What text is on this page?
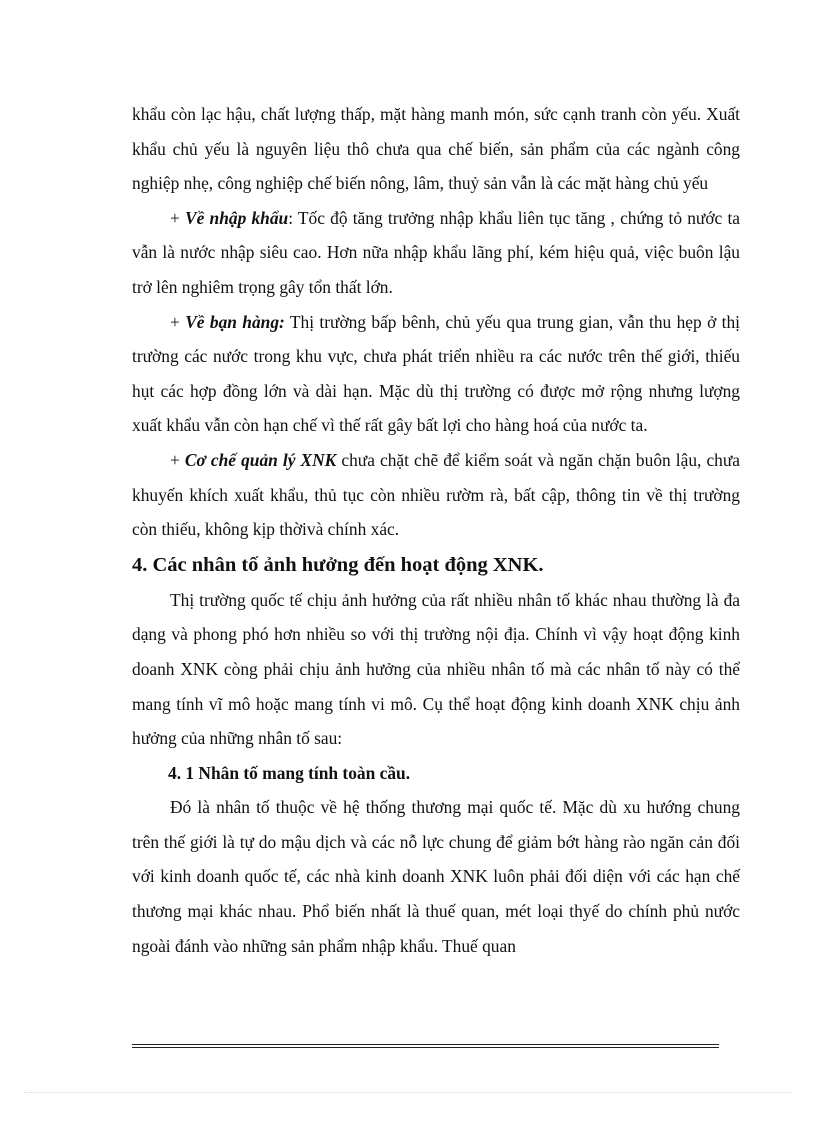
khẩu còn lạc hậu, chất lượng thấp, mặt hàng manh món, sức cạnh tranh còn yếu. Xuất khẩu chủ yếu là nguyên liệu thô chưa qua chế biến, sản phẩm của các ngành công nghiệp nhẹ, công nghiệp chế biến nông, lâm, thuỷ sản vẫn là các mặt hàng chủ yếu

+ Về nhập khẩu: Tốc độ tăng trưởng nhập khẩu liên tục tăng , chứng tỏ nước ta vẫn là nước nhập siêu cao. Hơn nữa nhập khẩu lãng phí, kém hiệu quả, việc buôn lậu trở lên nghiêm trọng gây tổn thất lớn.

+ Về bạn hàng: Thị trường bấp bênh, chủ yếu qua trung gian, vẫn thu hẹp ở thị trường các nước trong khu vực, chưa phát triển nhiều ra các nước trên thế giới, thiếu hụt các hợp đồng lớn và dài hạn. Mặc dù thị trường có được mở rộng nhưng lượng xuất khẩu vẫn còn hạn chế vì thế rất gây bất lợi cho hàng hoá của nước ta.

+ Cơ chế quản lý XNK chưa chặt chẽ để kiểm soát và ngăn chặn buôn lậu, chưa khuyến khích xuất khẩu, thủ tục còn nhiều rườm rà, bất cập, thông tin về thị trường còn thiếu, không kịp thờivà chính xác.

4. Các nhân tố ảnh hưởng đến hoạt động XNK.

Thị trường quốc tế chịu ảnh hưởng của rất nhiều nhân tố khác nhau thường là đa dạng và phong phó hơn nhiều so với thị trường nội địa. Chính vì vậy hoạt động kinh doanh XNK còng phải chịu ảnh hưởng của nhiều nhân tố mà các nhân tố này có thể mang tính vĩ mô hoặc mang tính vi mô. Cụ thể hoạt động kinh doanh XNK chịu ảnh hưởng của những nhân tố sau:

4. 1 Nhân tố mang tính toàn cầu.

Đó là nhân tố thuộc về hệ thống thương mại quốc tế. Mặc dù xu hướng chung trên thế giới là tự do mậu dịch và các nỗ lực chung để giảm bớt hàng rào ngăn cản đối với kinh doanh quốc tế, các nhà kinh doanh XNK luôn phải đối diện với các hạn chế thương mại khác nhau. Phổ biến nhất là thuế quan, mét loại thyế do chính phủ nước ngoài đánh vào những sản phẩm nhập khẩu. Thuế quan
